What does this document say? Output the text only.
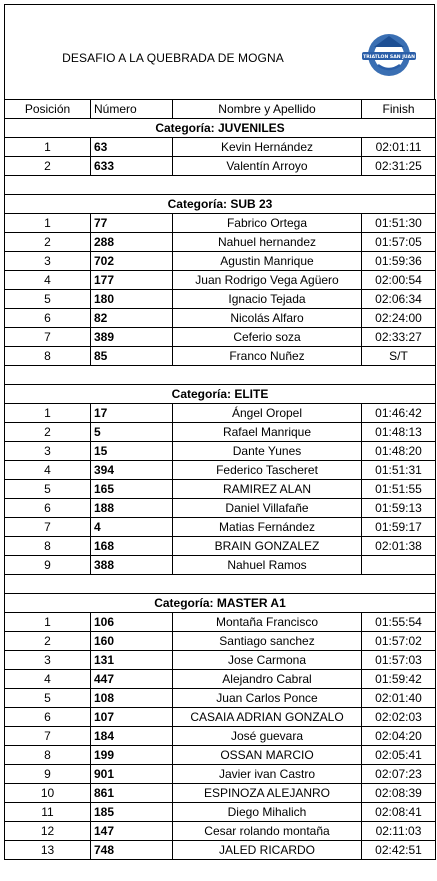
DESAFIO A LA QUEBRADA DE MOGNA	TRIATLON SAN JUAN
Posición	Número	Nombre y Apellido	Finish
Categoría: JUVENILES			
1	63	Kevin Hernández	02:01:11
2	633	Valentín Arroyo	02:31:25

Categoría: SUB 23			
1	77	Fabrico Ortega	01:51:30
2	288	Nahuel hernandez	01:57:05
3	702	Agustin Manrique	01:59:36
4	177	Juan Rodrigo Vega Agüero	02:00:54
5	180	Ignacio Tejada	02:06:34
6	82	Nicolás Alfaro	02:24:00
7	389	Ceferio soza	02:33:27
8	85	Franco Nuñez	S/T

Categoría: ELITE			
1	17	Ángel Oropel	01:46:42
2	5	Rafael Manrique	01:48:13
3	15	Dante Yunes	01:48:20
4	394	Federico Tascheret	01:51:31
5	165	RAMIREZ ALAN	01:51:55
6	188	Daniel Villafañe	01:59:13
7	4	Matias Fernández	01:59:17
8	168	BRAIN GONZALEZ	02:01:38
9	388	Nahuel Ramos	

Categoría: MASTER A1			
1	106	Montaña Francisco	01:55:54
2	160	Santiago sanchez	01:57:02
3	131	Jose Carmona	01:57:03
4	447	Alejandro Cabral	01:59:42
5	108	Juan Carlos Ponce	02:01:40
6	107	CASAIA ADRIAN GONZALO	02:02:03
7	184	José guevara	02:04:20
8	199	OSSAN MARCIO	02:05:41
9	901	Javier ivan Castro	02:07:23
10	861	ESPINOZA ALEJANRO	02:08:39
11	185	Diego Mihalich	02:08:41
12	147	Cesar rolando montaña	02:11:03
13	748	JALED RICARDO	02:42:51
